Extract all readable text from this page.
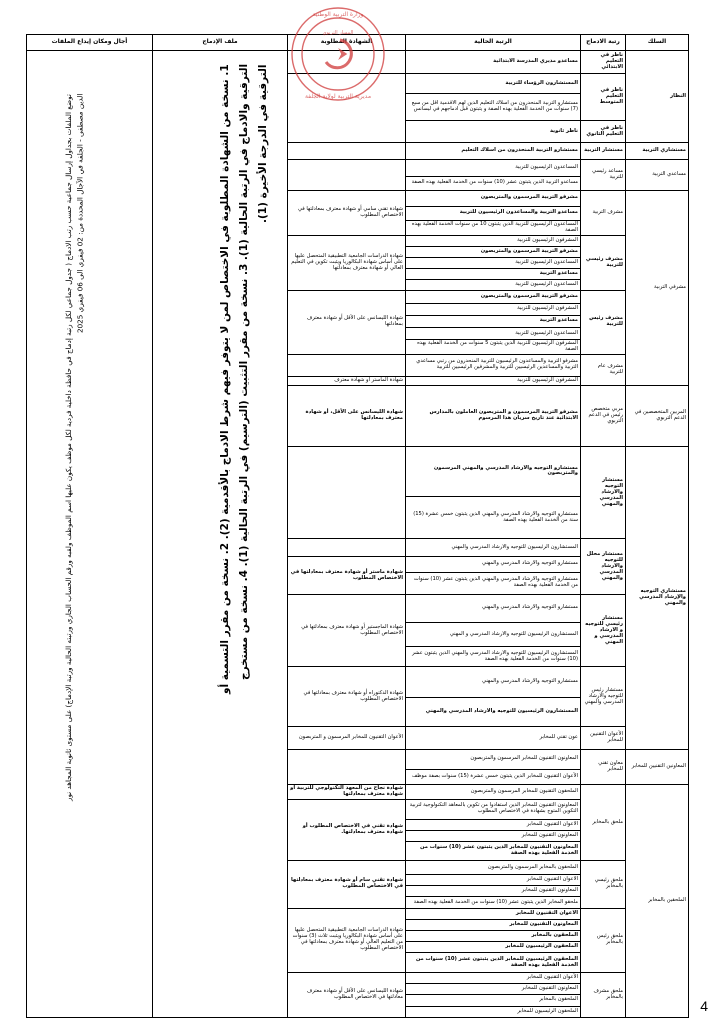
السلك	رتبة الادماج	الرتبة الحالية	الشهادة المطلوبة	ملف الإدماج	أجال ومكان إيداع الملفات	
النظار	ناظر في التعليم الابتدائي	مساعدو مديري المدرسة الابتدائية				
	ناظر في التعليم المتوسط	المستشارون الرؤساء للتربية				
		مستشارو التربية المنحدرون من اسلاك التعليم الذين لهم الاقدمية اقل من سبع (7) سنوات من الخدمة الفعلية بهذه الصفة و يثبتون قبل ادماجهم في ليسانس				
	ناظر في التعليم الثانوي	ناظر ثانوية				
مستشاري التربية	مستشار التربية	مستشارو التربية المنحدرون من اسلاك التعليم				
مساعدي التربية	مساعد رئيسي للتربية	المساعدون الرئيسيون للتربية				
		مساعدو التربية الذين يثبتون عشر (10) سنوات من الخدمة الفعلية بهذه الصفة				
مشرفي التربية	مشرف التربية	مشرفو التربية المرسمون والمتربصون	شهادة تقني سامي أو شهادة معترف بمعادلتها في الاختصاص المطلوب			
		مساعدو التربية والمساعدون الرئيسيون للتربية				
		المساعدون الرئيسيون للتربية الذين يثبتون 10 من سنوات الخدمة الفعلية بهذه الصفة				
	مشرف رئيسي للتربية	المشرفون الرئيسيون للتربية	شهادة الدراسات الجامعية التطبيقية المتحصل عليها على أساس شهادة البكالوريا ويثبت تكوين في التعليم العالي أو شهادة معترف بمعادلتها			
		مشرفو التربية المرسمون والمتربصون				
		المساعدون الرئيسيون للتربية				
		مساعدو التربية				
		المساعدون الرئيسيون للتربية				
	مشرف رئيس للتربية	مشرفو التربية المرسمون والمتربصون	شهادة الليسانس على الأقل أو شهادة معترف بمعادلتها			
		المشرفون الرئيسيون للتربية				
		مساعدو التربية				
		المساعدون الرئيسيون للتربية				
		المشرفون الرئيسيون للتربية الذين يثبتون 5 سنوات من الخدمة الفعلية بهذه الصفة				
	مشرف عام للتربية	مشرفو التربية والمساعدون الرئيسيون للتربية المنحدرون من رتبي مساعدي التربية والمساعدين الرئيسيين للتربية والمشرفين الرئيسيين للتربية				
		المشرفون الرئيسيون للتربية	شهادة الماستر أو شهادة معترف			
المربين المتخصصين في الدعم التربوي	مربي متخصص رئيس في الدعم التربوي	مشرفو التربية المرسمون و المتربصون العاملون بالمدارس الابتدائية عند تاريخ سريان هذا المرسوم	شهادة الليسانس على الأقل، أو شهادة معترف بمعادلتها		
مستشاري التوجيه والإرشاد المدرسي والمهني	مستشار التوجيه والارشاد المدرسي والمهني	مستشارو التوجيه والارشاد المدرسي والمهني المرسمون والمتربصون				
		مستشارو التوجيه والارشاد المدرسي والمهني الذين يثبتون خمس عشرة (15) سنة من الخدمة الفعلية بهذه الصفة				
	مستشار محلل للتوجيه والارشاد المدرسي والمهني	المستشارون الرئيسيون للتوجيه والارشاد المدرسي والمهني				
		مستشارو التوجيه والارشاد المدرسي والمهني	شهادة ماستر أو شهادة معترف بمعادلتها في الاختصاص المطلوب			
		مستشارو التوجيه والارشاد المدرسي والمهني الذين يثبتون عشر (10) سنوات من الخدمة الفعلية بهذه الصفة				
	مستشار رئيسي للتوجيه و الارشاد المدرسي و المهني	مستشارو التوجيه والارشاد المدرسي والمهني	شهادة الماجستير أو شهادة معترف بمعادلتها في الاختصاص المطلوب			
		المستشارون الرئيسيون للتوجيه والارشاد المدرسي و المهني				
		المستشارون الرئيسيون للتوجيه والارشاد المدرسي والمهني الذين يثبتون عشر (10) سنوات من الخدمة الفعلية بهذه الصفة				
	مستشار رئيس للتوجيه والارشاد المدرسي والمهني	مستشارو التوجيه والارشاد المدرسي والمهني	شهادة الدكتوراه أو شهادة معترف بمعادلتها في الاختصاص المطلوب			
		المستشارون الرئيسيون للتوجيه والارشاد المدرسي والمهني				
	الأعوان التقنيين للمخابر	عون تقني للمخابر	الأعوان التقنيون للمخابر المرسمون و المتربصون			
المعاونين التقنيين للمخابر	معاون تقني للمخابر	المعاونون التقنيون للمخابر المرسمون والمتربصون				
		الأعوان التقنيون للمخابر الذين يثبتون خمس عشرة (15) سنوات بصفة موظف				
الملحقين بالمخابر	ملحق بالمخابر	الملحقون التقنيون للمخابر المرسمون والمتربصون	شهادة نجاح من المعهد التكنولوجي للتربية أو شهادة معترف بمعادلتها			
		المعاونون التقنيون للمخابر الذين استفادوا من تكوين بالمعاهد التكنولوجية لتربية التكوين المتوج بشهادة في الاختصاص المطلوب	شهادة تقني في الاختصاص المطلوب أو شهادة معترف بمعادلتها.			
		الاعوان التقنيون للمخابر				
		المعاونون التقنيون للمخابر				
		المعاونون التقنيون للمخابر الذين يثبتون عشر (10) سنوات من الخدمة الفعلية بهذه الصفة				
	ملحق رئيسي بالمخابر	الملحقون بالمخابر المرسمون والمتربصون	شهادة تقني سام أو شهادة معترف بمعادلتها في الاختصاص المطلوب			
		الاعوان التقنيون للمخابر				
		المعاونون التقنيون للمخابر				
		ملحقو المخابر الذين يثبتون عشر (10) سنوات من الخدمة الفعلية بهذه الصفة				
	ملحق رئيس بالمخابر	الاعوان التقنيون للمخابر	شهادة الدراسات الجامعية التطبيقية المتحصل عليها على أساس شهادة البكالوريا ويثبت ثلاث (3) سنوات من التعليم العالي أو شهادة معترف بمعادلتها في الاختصاص المطلوب			
		المعاونون التقنيون للمخابر				
		الملحقون بالمخابر				
		الملحقون الرئيسيون للمخابر				
		الملحقون الرئيسيون للمخابر الذين يثبتون عشر (10) سنوات من الخدمة الفعلية بهذه الصفة				
	ملحق مشرف بالمخابر	الأعوان التقنيون للمخابر	شهادة الليسانس على الأقل أو شهادة معترف معادلتها في الاختصاص المطلوب			
		المعاونون التقنيون للمخابر				
		الملحقون بالمخابر				
		الملحقون الرئيسيون للمخابر				
1. نسخة من الشهادة المطلوبة في الاختصاص لمن لا يتوفر فيهم شرط الادماج بالأقدمية (2). 2. نسخة من مقرر التسمية أو الترقية والادماج في الرتبة الحالية (1). 3. نسخة من مقرر التثبيت (الترسيم) في الرتبة الحالية (1). 4. نسخة من مستخرج الترقية في الدرجة الأخيرة (1).
توضع الملفات بجداول إرسال جماعية حسب رتب الادماج ( جدول جماعي لكل رتبة إدماج في حافظة داخلية فردية لكل موظف يكون عليها اسم الموظف ولقبه ورقم الحساب الجاري ورتبته الحالية ورتبة الإدماج) على مستوى ثانوية المجاهد نور الدين مصطفى - الجلفة في الآجال المحددة من: 02 فيفري الى 06 فيفري 2025
وزارة التربية الوطنية
مديرية التربية لولاية الجلفة
المسار التربوي
4
